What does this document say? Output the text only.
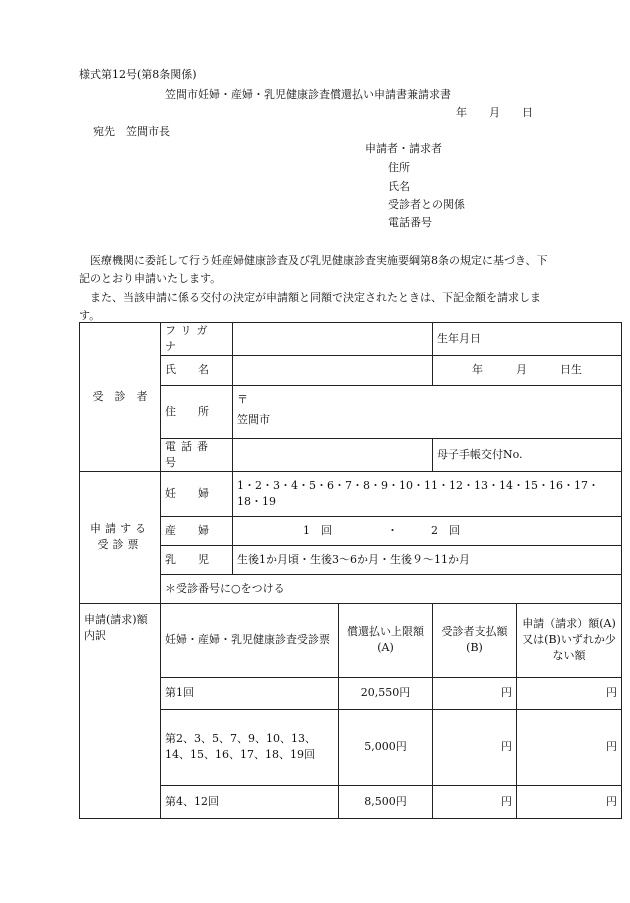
様式第12号(第8条関係)
笠間市妊婦・産婦・乳児健康診査償還払い申請書兼請求書
年　　月　　日
宛先　笠間市長
申請者・請求者
住所
氏名
受診者との関係
電話番号
医療機関に委託して行う妊産婦健康診査及び乳児健康診査実施要綱第8条の規定に基づき、下記のとおり申請いたします。
また、当該申請に係る交付の決定が申請額と同額で決定されたときは、下記金額を請求します。
受　診　者	フリガナ			生年月日	
	氏　　名			年　　　月　　　日生	
	住　　所	〒
笠間市			

	電話番号			母子手帳交付No.	
申請する受診票	妊　　婦	1・2・3・4・5・6・7・8・9・10・11・12・13・14・15・16・17・18・19			
	産　　婦	1　回　　　　　・　　　2　回			
	乳　　児	生後1か月頃・生後3〜6か月・生後９〜11か月			
	＊受診番号に○をつける				
申請(請求)額内訳	妊婦・産婦・乳児健康診査受診票		償還払い上限額(A)	受診者支払額(B)	申請（請求）額(A)又は(B)いずれか少ない額
	第1回		20,550円	円	円
	第2、3、5、7、9、10、13、14、15、16、17、18、19回		5,000円	円	円
	第4、12回		8,500円	円	円
